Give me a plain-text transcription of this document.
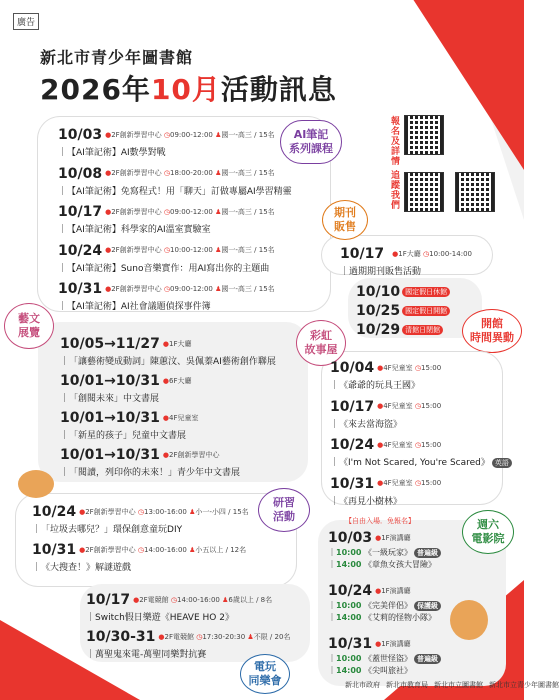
廣告
新北市青少年圖書館
2026年10月活動訊息
報名及詳情
追蹤我們
AI筆記
系列課程
期刊
販售
10/17 ●1F大廳 ◷10:00-14:00
｜過期期刊販售活動
開館
時間異動
藝文
展覽	彩虹
故事屋
研習
活動
週六
電影院
【自由入場．免報名】
電玩
同樂會	新北市政府 新北市教育局 新北市立圖書館 新北市立青少年圖書館
10/03 ●2F創新學習中心 ◷09:00-12:00 ♟國一-高三 / 15名
｜【AI筆記術】AI數學對戰
10/08 ●2F創新學習中心 ◷18:00-20:00 ♟國一-高三 / 15名
｜【AI筆記術】免寫程式！用「聊天」訂做專屬AI學習精靈
10/17 ●2F創新學習中心 ◷09:00-12:00 ♟國一-高三 / 15名
｜【AI筆記術】科學家的AI溫室實驗室
10/24 ●2F創新學習中心 ◷10:00-12:00 ♟國一-高三 / 15名
｜【AI筆記術】Suno音樂實作：用AI寫出你的主題曲
10/31 ●2F創新學習中心 ◷09:00-12:00 ♟國一-高三 / 15名
｜【AI筆記術】AI社會議題偵探事件簿
10/05→11/27 ●1F大廳
｜「讓藝術變成動詞」陳蕙汶、吳佩蓁AI藝術創作聯展
10/01→10/31 ●6F大廳
｜「創閱未來」中文書展
10/01→10/31 ●4F兒童室
｜「新星的孩子」兒童中文書展
10/01→10/31 ●2F創新學習中心
｜「閱讀，列印你的未來！」青少年中文書展
10/04 ●4F兒童室 ◷15:00
｜《爺爺的玩具王國》
10/17 ●4F兒童室 ◷15:00
｜《來去當海盜》
10/24 ●4F兒童室 ◷15:00
｜《I'm Not Scared, You're Scared》 英語
10/31 ●4F兒童室 ◷15:00
｜《再見小樹林》
10/24 ●2F創新學習中心 ◷13:00-16:00 ♟小一-小四 / 15名
｜「垃圾去哪兒？」環保創意童玩DIY
10/31 ●2F創新學習中心 ◷14:00-16:00 ♟小五以上 / 12名
｜《大搜查！》解謎遊戲
10/17 ●2F電競館 ◷14:00-16:00 ♟6歲以上 / 8名
｜Switch假日樂遊《HEAVE HO 2》
10/30-31 ●2F電競館 ◷17:30-20:30 ♟不限 / 20名
｜萬聖鬼來電-萬聖同樂對抗賽
10/10 國定假日休館
10/25 國定假日開館
10/29 清館日閉館
10/03 ●1F演講廳
｜10:00 《一級玩家》 普遍級
｜14:00 《章魚女孩大冒險》
10/24 ●1F演講廳
｜10:00 《完美伴侶》 保護級
｜14:00 《艾莉的怪物小隊》
10/31 ●1F演講廳
｜10:00 《蓋世怪盜》 普遍級
｜14:00 《尖叫旅社》
